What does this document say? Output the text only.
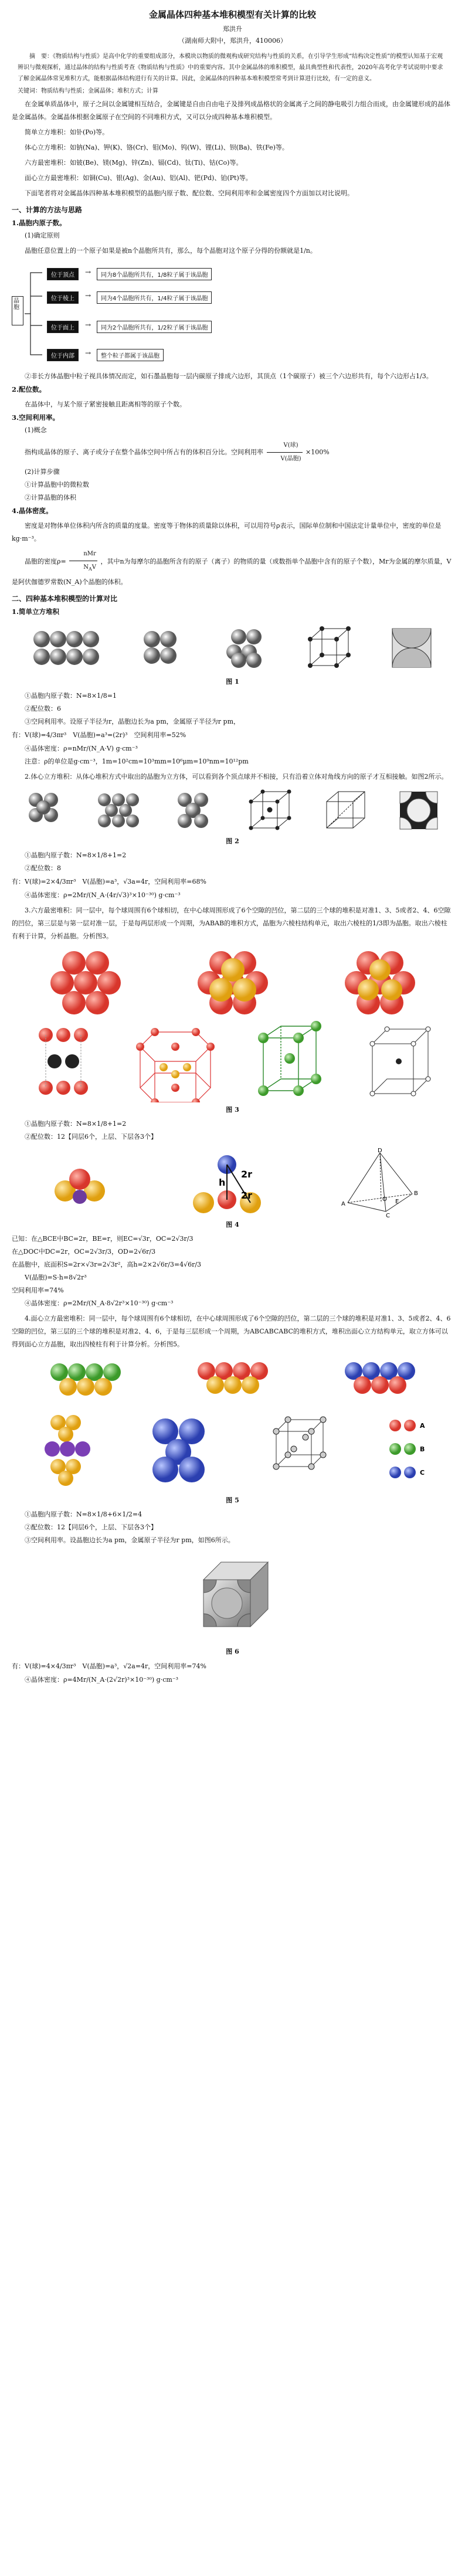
金属晶体四种基本堆积模型有关计算的比较
郑洪升
（湖南师大附中，郑洪升，410006）
摘　要：《物质结构与性质》是高中化学的重要组成部分，本模块以物质的微观构成研究结构与性质的关系，在引导学生形成“结构决定性质”的模型认知基于宏观辨识与微观探析，通过晶体的结构与性质考查《物质结构与性质》中的重要内容。其中金属晶体的堆积模型，最具典型性和代表性，2020年高考化学考试说明中要求了解金属晶体常见堆积方式，能根据晶体结构进行有关的计算。因此，金属晶体的四种基本堆积模型常考到计算进行比较，有一定的意义。
关键词：物质结构与性质；金属晶体；堆积方式；计算

在金属单质晶体中，原子之间以金属键相互结合，金属键是自由自由电子及排列成晶格状的金属离子之间的静电吸引力组合而成，由金属键形成的晶体是金属晶体。金属晶体根据金属原子在空间的不同堆积方式，又可以分成四种基本堆积模型。

简单立方堆积：如钋(Po)等。

体心立方堆积：如钠(Na)、钾(K)、铬(Cr)、钼(Mo)、钨(W)、锂(Li)、钡(Ba)、铁(Fe)等。

六方最密堆积：如铍(Be)、镁(Mg)、锌(Zn)、镉(Cd)、钛(Ti)、钴(Co)等。

面心立方最密堆积：如铜(Cu)、银(Ag)、金(Au)、铝(Al)、钯(Pd)、铂(Pt)等。

下面笔者将对金属晶体四种基本堆积模型的晶胞内原子数、配位数、空间利用率和金属密度四个方面加以对比说明。

一、计算的方法与思路
1.晶胞内原子数。
(1)确定原则
晶胞任意位置上的一个原子如果是被n个晶胞所共有，那么，每个晶胞对这个原子分得的份额就是1/n。
晶胞
位于顶点
位于棱上
位于面上
位于内部
→
→
→
→
同为8个晶胞所共有，1/8粒子属于该晶胞
同为4个晶胞所共有，1/4粒子属于该晶胞
同为2个晶胞所共有，1/2粒子属于该晶胞
整个粒子都属于该晶胞
②非长方体晶胞中粒子视具体情况而定，如石墨晶胞每一层内碳原子排成六边形，其顶点（1个碳原子）被三个六边形共有，每个六边形占1/3。
2.配位数。
在晶体中，与某个原子紧密接触且距离相等的原子个数。
3.空间利用率。
(1)概念
指构成晶体的原子、离子或分子在整个晶体空间中所占有的体积百分比。空间利用率 $\frac{\text{V(球)}}{\text{V(晶胞)}} \times 100\%$
(2)计算步骤
①计算晶胞中的微粒数
②计算晶胞的体积
4.晶体密度。
密度是对物体单位体积内所含的质量的度量。密度等于物体的质量除以体积，可以用符号ρ表示，国际单位制和中国法定计量单位中，密度的单位是kg·m⁻³。
晶胞的密度$\rho= \frac{\text{nMr}}{N_AV}$ ，其中n为每摩尔的晶胞所含有的原子（离子）的物质的量（或数指单个晶胞中含有的原子个数），Mr为金属的摩尔质量，V是阿伏伽德罗常数(N_A)个晶胞的体积。
二、四种基本堆积模型的计算对比
1.简单立方堆积
图 1
①晶胞内原子数：N=8×1/8=1
②配位数：6
③空间利用率。设原子半径为r，晶胞边长为a pm，金属原子半径为r pm，
有：V(球)=4/3πr³　V(晶胞)=a³=(2r)³　空间利用率=52%
④晶体密度：ρ=nMr/(N_A·V) g·cm⁻³
注意：ρ的单位是g·cm⁻³，1m=10²cm=10³mm=10⁶μm=10⁹nm=10¹²pm
2.体心立方堆积：从体心堆积方式中取出的晶胞为立方体，可以看到各个顶点球并不相接，只有沿着立体对角线方向的原子才互相接触。如图2所示。
图 2
①晶胞内原子数：N=8×1/8+1=2
②配位数：8
有：V(球)=2×4/3πr³　V(晶胞)=a³，√3a=4r，空间利用率=68%
④晶体密度：ρ=2Mr/(N_A·(4r/√3)³×10⁻³⁰) g·cm⁻³
3.六方最密堆积：同一层中，每个球周围有6个球相切，在中心球周围形成了6个空隙的凹位，第二层的三个球的堆积是对准1、3、5或者2、4、6空隙的凹位，第三层是与第一层对准一层，于是每两层形成一个周期，为ABAB的堆积方式，晶胞为六棱柱结构单元，取出六棱柱的1/3即为晶胞。取出六棱柱有利于计算，分析晶胞。分析图3。
图 3
①晶胞内原子数：N=8×1/8+1=2
②配位数：12【同层6个，上层、下层各3个】
h
2r
2r
D
A
B
C
E
O
图 4
已知：在△BCE中BC=2r，BE=r，则EC=√3r，OC=2√3r/3
在△DOC中DC=2r，OC=2√3r/3，OD=2√6r/3
在晶胞中，底面积S=2r×√3r=2√3r²，高h=2×2√6r/3=4√6r/3
V(晶胞)=S·h=8√2r³
空间利用率=74%
④晶体密度：ρ=2Mr/(N_A·8√2r³×10⁻³⁰) g·cm⁻³
4.面心立方最密堆积：同一层中，每个球周围有6个球相切，在中心球周围形成了6个空隙的凹位，第二层的三个球的堆积是对准1、3、5或者2、4、6空隙的凹位，第三层的三个球的堆积是对准2、4、6，于是每三层形成一个周期，为ABCABCABC的堆积方式，堆积出面心立方结构单元，取立方体可以得到面心立方晶胞，取出四棱柱有利于计算分析。分析图5。
A
B
C
图 5
①晶胞内原子数：N=8×1/8+6×1/2=4
②配位数：12【同层6个，上层、下层各3个】
③空间利用率。设晶胞边长为a pm，金属原子半径为r pm，如图6所示。
图 6
有：V(球)=4×4/3πr³　V(晶胞)=a³，√2a=4r，空间利用率=74%
④晶体密度：ρ=4Mr/(N_A·(2√2r)³×10⁻³⁰) g·cm⁻³
